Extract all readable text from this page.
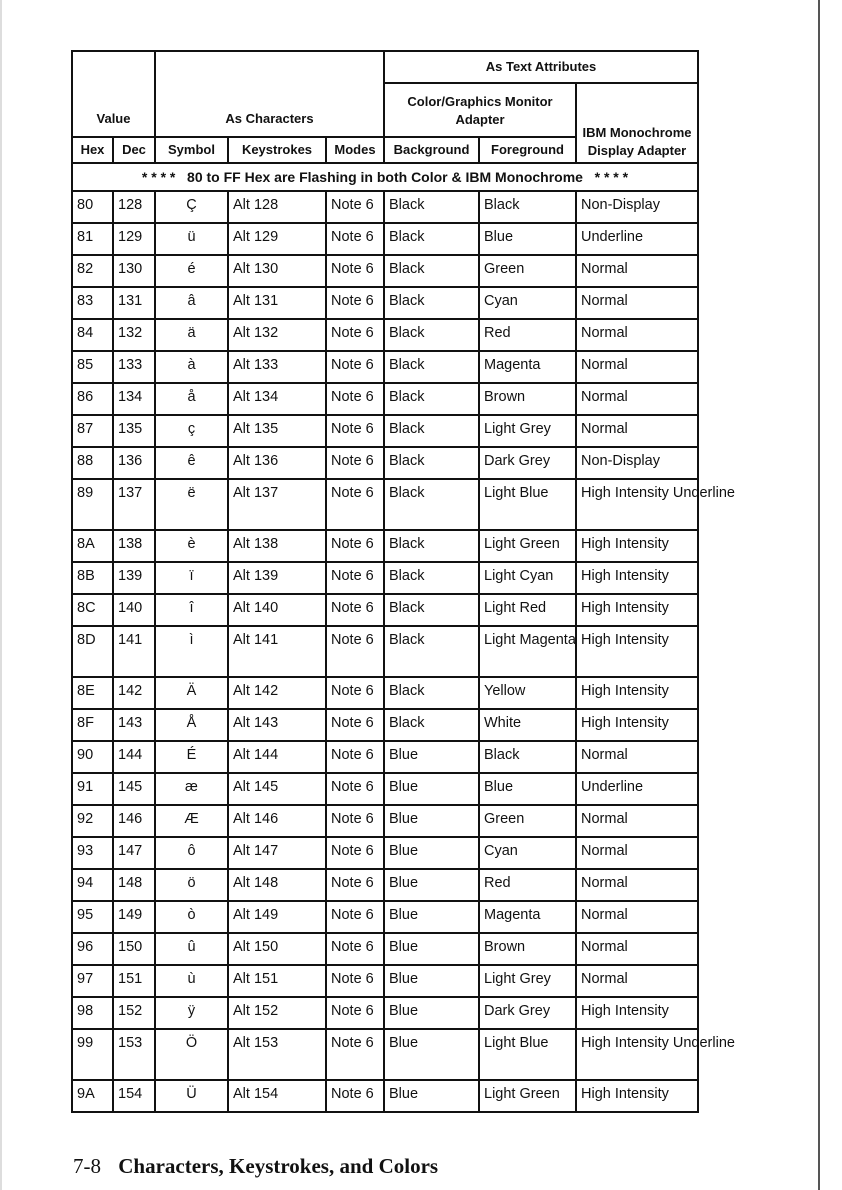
Value		As Characters			As Text Attributes		
					Color/Graphics Monitor Adapter		IBM Monochrome Display Adapter
Hex	Dec	Symbol	Keystrokes	Modes	Background	Foreground	
* * * *   80 to FF Hex are Flashing in both Color & IBM Monochrome   * * * *							
80	128	Ç	Alt 128	Note 6	Black	Black	Non-Display
81	129	ü	Alt 129	Note 6	Black	Blue	Underline
82	130	é	Alt 130	Note 6	Black	Green	Normal
83	131	â	Alt 131	Note 6	Black	Cyan	Normal
84	132	ä	Alt 132	Note 6	Black	Red	Normal
85	133	à	Alt 133	Note 6	Black	Magenta	Normal
86	134	å	Alt 134	Note 6	Black	Brown	Normal
87	135	ç	Alt 135	Note 6	Black	Light Grey	Normal
88	136	ê	Alt 136	Note 6	Black	Dark Grey	Non-Display
89	137	ë	Alt 137	Note 6	Black	Light Blue	High Intensity Underline
8A	138	è	Alt 138	Note 6	Black	Light Green	High Intensity
8B	139	ï	Alt 139	Note 6	Black	Light Cyan	High Intensity
8C	140	î	Alt 140	Note 6	Black	Light Red	High Intensity
8D	141	ì	Alt 141	Note 6	Black	Light Magenta	High Intensity
8E	142	Ä	Alt 142	Note 6	Black	Yellow	High Intensity
8F	143	Å	Alt 143	Note 6	Black	White	High Intensity
90	144	É	Alt 144	Note 6	Blue	Black	Normal
91	145	æ	Alt 145	Note 6	Blue	Blue	Underline
92	146	Æ	Alt 146	Note 6	Blue	Green	Normal
93	147	ô	Alt 147	Note 6	Blue	Cyan	Normal
94	148	ö	Alt 148	Note 6	Blue	Red	Normal
95	149	ò	Alt 149	Note 6	Blue	Magenta	Normal
96	150	û	Alt 150	Note 6	Blue	Brown	Normal
97	151	ù	Alt 151	Note 6	Blue	Light Grey	Normal
98	152	ÿ	Alt 152	Note 6	Blue	Dark Grey	High Intensity
99	153	Ö	Alt 153	Note 6	Blue	Light Blue	High Intensity Underline
9A	154	Ü	Alt 154	Note 6	Blue	Light Green	High Intensity
7-8 Characters, Keystrokes, and Colors
